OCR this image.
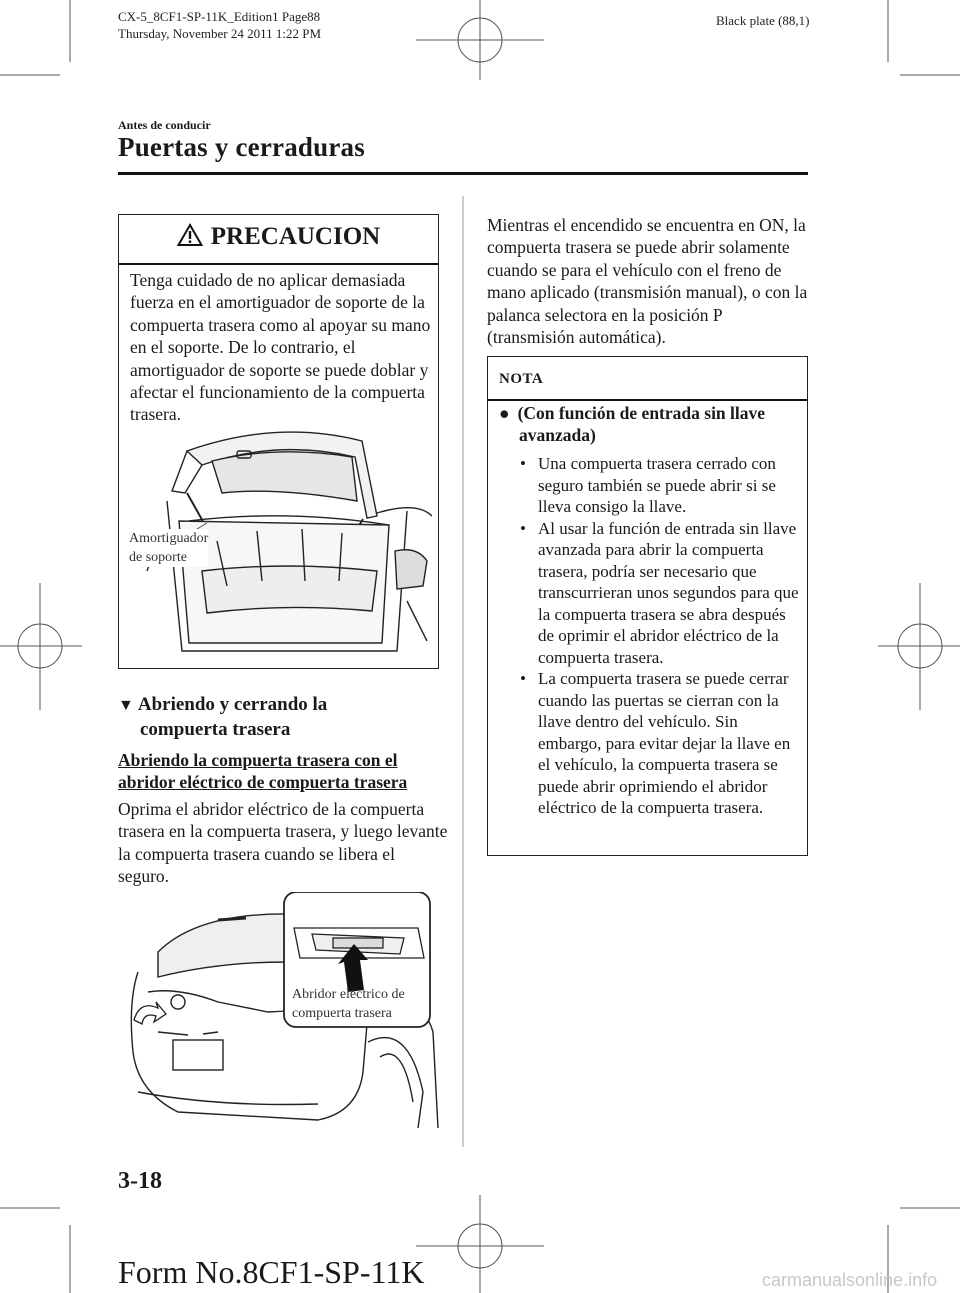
CX-5_8CF1-SP-11K_Edition1 Page88
Thursday, November 24 2011 1:22 PM
Black plate (88,1)
Antes de conducir
Puertas y cerraduras
PRECAUCION
Tenga cuidado de no aplicar demasiada fuerza en el amortiguador de soporte de la compuerta trasera como al apoyar su mano en el soporte. De lo contrario, el amortiguador de soporte se puede doblar y afectar el funcionamiento de la compuerta trasera.
Amortiguador
de soporte
▼ Abriendo y cerrando la
compuerta trasera
Abriendo la compuerta trasera con el
abridor eléctrico de compuerta trasera
Oprima el abridor eléctrico de la compuerta trasera en la compuerta trasera, y luego levante la compuerta trasera cuando se libera el seguro.
Abridor eléctrico de
compuerta trasera
Mientras el encendido se encuentra en ON, la compuerta trasera se puede abrir solamente cuando se para el vehículo con el freno de mano aplicado (transmisión manual), o con la palanca selectora en la posición P (transmisión automática).
NOTA
● (Con función de entrada sin llave
avanzada)
• Una compuerta trasera cerrado con seguro también se puede abrir si se lleva consigo la llave.
• Al usar la función de entrada sin llave avanzada para abrir la compuerta trasera, podría ser necesario que transcurrieran unos segundos para que la compuerta trasera se abra después de oprimir el abridor eléctrico de la compuerta trasera.
• La compuerta trasera se puede cerrar cuando las puertas se cierran con la llave dentro del vehículo. Sin embargo, para evitar dejar la llave en el vehículo, la compuerta trasera se puede abrir oprimiendo el abridor eléctrico de la compuerta trasera.
3-18
Form No.8CF1-SP-11K	carmanualsonline.info
